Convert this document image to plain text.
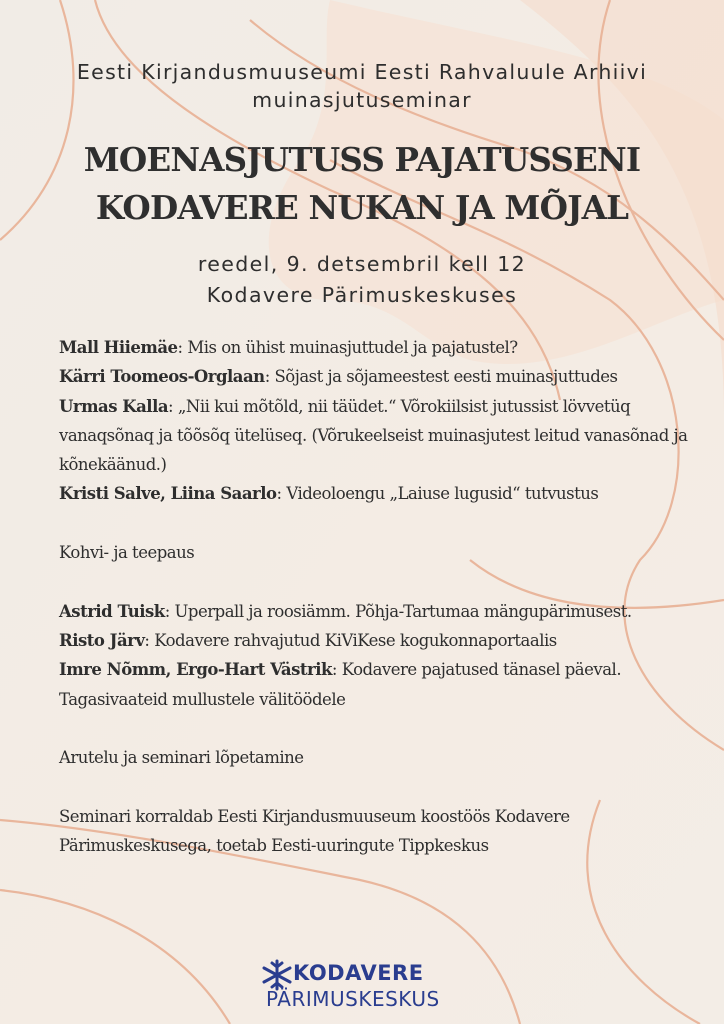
Eesti Kirjandusmuuseumi Eesti Rahvaluule Arhiivi
muinasjutuseminar
MOENASJUTUSS PAJATUSSENI
KODAVERE NUKAN JA MÕJAL
reedel, 9. detsembril kell 12
Kodavere Pärimuskeskuses

Mall Hiiemäe: Mis on ühist muinasjuttudel ja pajatustel?

Kärri Toomeos-Orglaan: Sõjast ja sõjameestest eesti muinasjuttudes

Urmas Kalla: „Nii kui mõtõld, nii täüdet.“ Võrokiilsist jutussist lövvetüq vanaqsõnaq ja tõõsõq ütelüseq. (Võrukeelseist muinasjutest leitud vanasõnad ja kõnekäänud.)

Kristi Salve, Liina Saarlo: Videoloengu „Laiuse lugusid“ tutvustus

Kohvi- ja teepaus

Astrid Tuisk: Uperpall ja roosiämm. Põhja-Tartumaa mängupärimusest.

Risto Järv: Kodavere rahvajutud KiViKese kogukonnaportaalis

Imre Nõmm, Ergo-Hart Västrik: Kodavere pajatused tänasel päeval. Tagasivaateid mullustele välitöödele

Arutelu ja seminari lõpetamine

Seminari korraldab Eesti Kirjandusmuuseum koostöös Kodavere Pärimuskeskusega, toetab Eesti-uuringute Tippkeskus

KODAVERE
PÄRIMUSKESKUS
